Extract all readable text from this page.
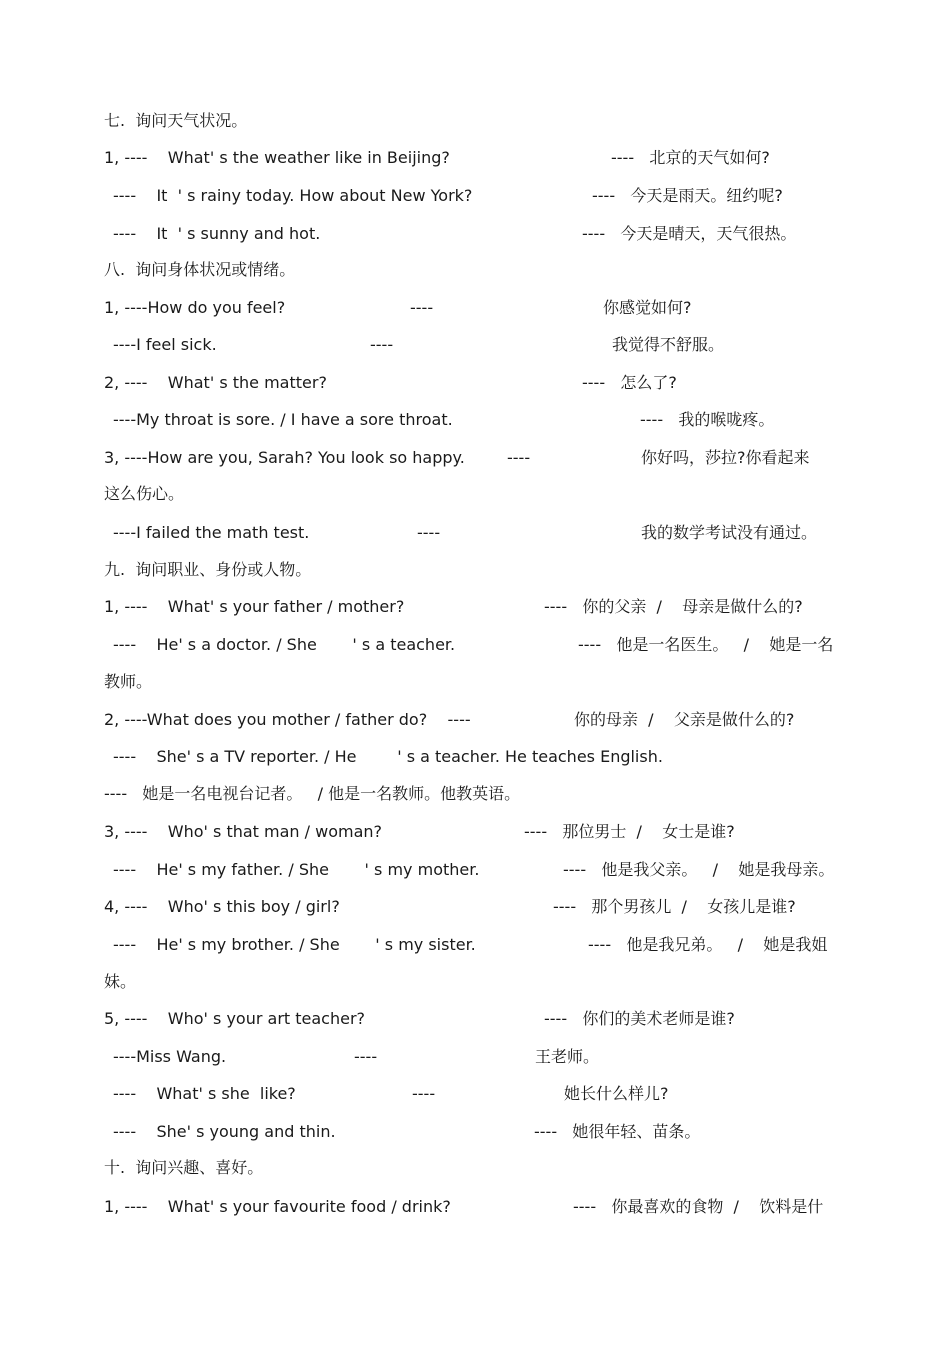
七.  询问天气状况。
1, ----    What' s the weather like in Beijing?	----   北京的天气如何?
----    It  ' s rainy today. How about New York?	----   今天是雨天。纽约呢?
----    It  ' s sunny and hot.	----   今天是晴天，天气很热。
八.  询问身体状况或情绪。
1, ----How do you feel?	----	你感觉如何?
----I feel sick.	----	我觉得不舒服。
2, ----    What' s the matter?	----   怎么了?
----My throat is sore. / I have a sore throat.	----   我的喉咙疼。
3, ----How are you, Sarah? You look so happy.	----	你好吗，莎拉?你看起来
这么伤心。
----I failed the math test.	----	我的数学考试没有通过。
九.  询问职业、身份或人物。
1, ----    What' s your father / mother?	----   你的父亲  /    母亲是做什么的?
----    He' s a doctor. / She       ' s a teacher.	----   他是一名医生。   /    她是一名
教师。
2, ----What does you mother / father do?    ----	你的母亲  /    父亲是做什么的?
----    She' s a TV reporter. / He        ' s a teacher. He teaches English.
----   她是一名电视台记者。   / 他是一名教师。他教英语。
3, ----    Who' s that man / woman?	----   那位男士  /    女士是谁?
----    He' s my father. / She       ' s my mother.	----   他是我父亲。   /    她是我母亲。
4, ----    Who' s this boy / girl?	----   那个男孩儿  /    女孩儿是谁?
----    He' s my brother. / She       ' s my sister.	----   他是我兄弟。   /    她是我姐
妹。
5, ----    Who' s your art teacher?	----   你们的美术老师是谁?
----Miss Wang.	----	王老师。
----    What' s she  like?	----	她长什么样儿?
----    She' s young and thin.	----   她很年轻、苗条。
十.  询问兴趣、喜好。
1, ----    What' s your favourite food / drink?	----   你最喜欢的食物  /    饮料是什
